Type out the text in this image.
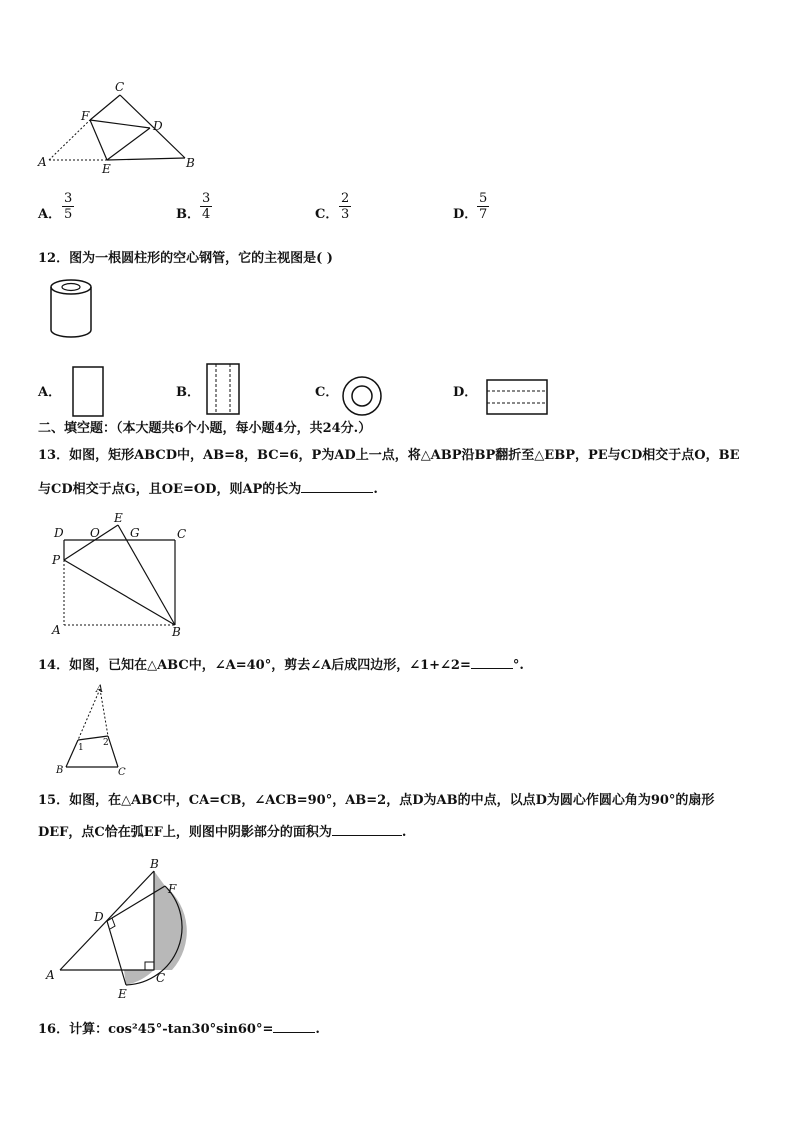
C
F
D
A	E	B
A． $\frac{3}{5}$	B． $\frac{3}{4}$	C． $\frac{2}{3}$	D． $\frac{5}{7}$
12．图为一根圆柱形的空心钢管，它的主视图是( )
A．	B．	C．	D．
二、填空题：（本大题共6个小题，每小题4分，共24分.）
13．如图，矩形ABCD中，AB=8，BC=6，P为AD上一点，将△ABP沿BP翻折至△EBP，PE与CD相交于点O，BE
与CD相交于点G，且OE=OD，则AP的长为	.
D O
E
G	C
P
A	B
14．如图，已知在△ABC中，∠A=40°，剪去∠A后成四边形，∠1+∠2=	°.
A
1 2
B	C
15．如图，在△ABC中，CA=CB，∠ACB=90°，AB=2，点D为AB的中点，以点D为圆心作圆心角为90°的扇形
DEF，点C恰在弧EF上，则图中阴影部分的面积为	.
B
F
D
A	C
E
16．计算：cos²45°-tan30°sin60°=	.
